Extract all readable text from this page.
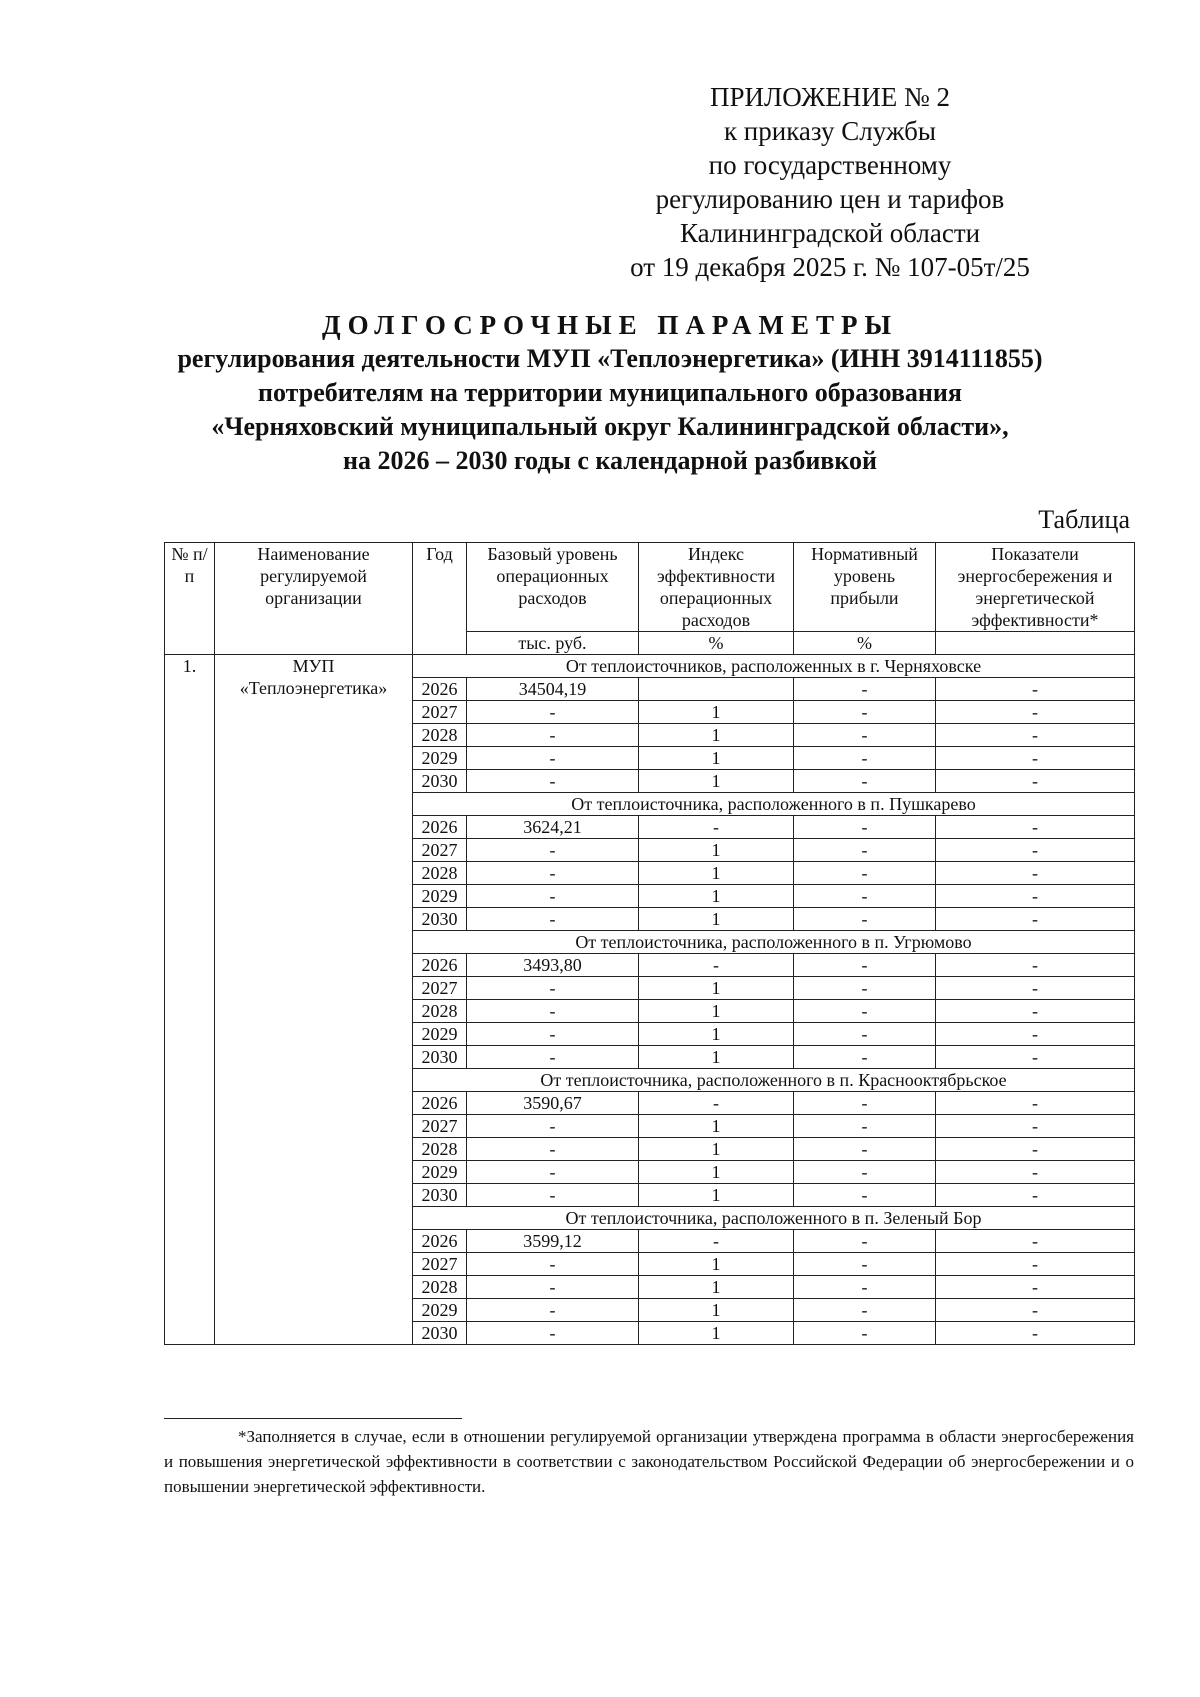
ПРИЛОЖЕНИЕ № 2
к приказу Службы
по государственному
регулированию цен и тарифов
Калининградской области
от 19 декабря 2025 г. № 107-05т/25
ДОЛГОСРОЧНЫЕ ПАРАМЕТРЫ
регулирования деятельности МУП «Теплоэнергетика» (ИНН 3914111855)
потребителям на территории муниципального образования
«Черняховский муниципальный округ Калининградской области»,
на 2026 – 2030 годы с календарной разбивкой
Таблица
№ п/п	Наименование регулируемой организации	Год	Базовый уровень операционных расходов	Индекс эффективности операционных расходов	Нормативный уровень прибыли	Показатели энергосбережения и энергетической эффективности*
			тыс. руб.	%	%	
1.	МУП «Теплоэнергетика»	От теплоисточников, расположенных в г. Черняховске				
		2026	34504,19		-	-
		2027	-	1	-	-
		2028	-	1	-	-
		2029	-	1	-	-
		2030	-	1	-	-
		От теплоисточника, расположенного в п. Пушкарево				
		2026	3624,21	-	-	-
		2027	-	1	-	-
		2028	-	1	-	-
		2029	-	1	-	-
		2030	-	1	-	-
		От теплоисточника, расположенного в п. Угрюмово				
		2026	3493,80	-	-	-
		2027	-	1	-	-
		2028	-	1	-	-
		2029	-	1	-	-
		2030	-	1	-	-
		От теплоисточника, расположенного в п. Краснооктябрьское				
		2026	3590,67	-	-	-
		2027	-	1	-	-
		2028	-	1	-	-
		2029	-	1	-	-
		2030	-	1	-	-
		От теплоисточника, расположенного в п. Зеленый Бор				
		2026	3599,12	-	-	-
		2027	-	1	-	-
		2028	-	1	-	-
		2029	-	1	-	-
		2030	-	1	-	-
*Заполняется в случае, если в отношении регулируемой организации утверждена программа в области энергосбережения и повышения энергетической эффективности в соответствии с законодательством Российской Федерации об энергосбережении и о повышении энергетической эффективности.
